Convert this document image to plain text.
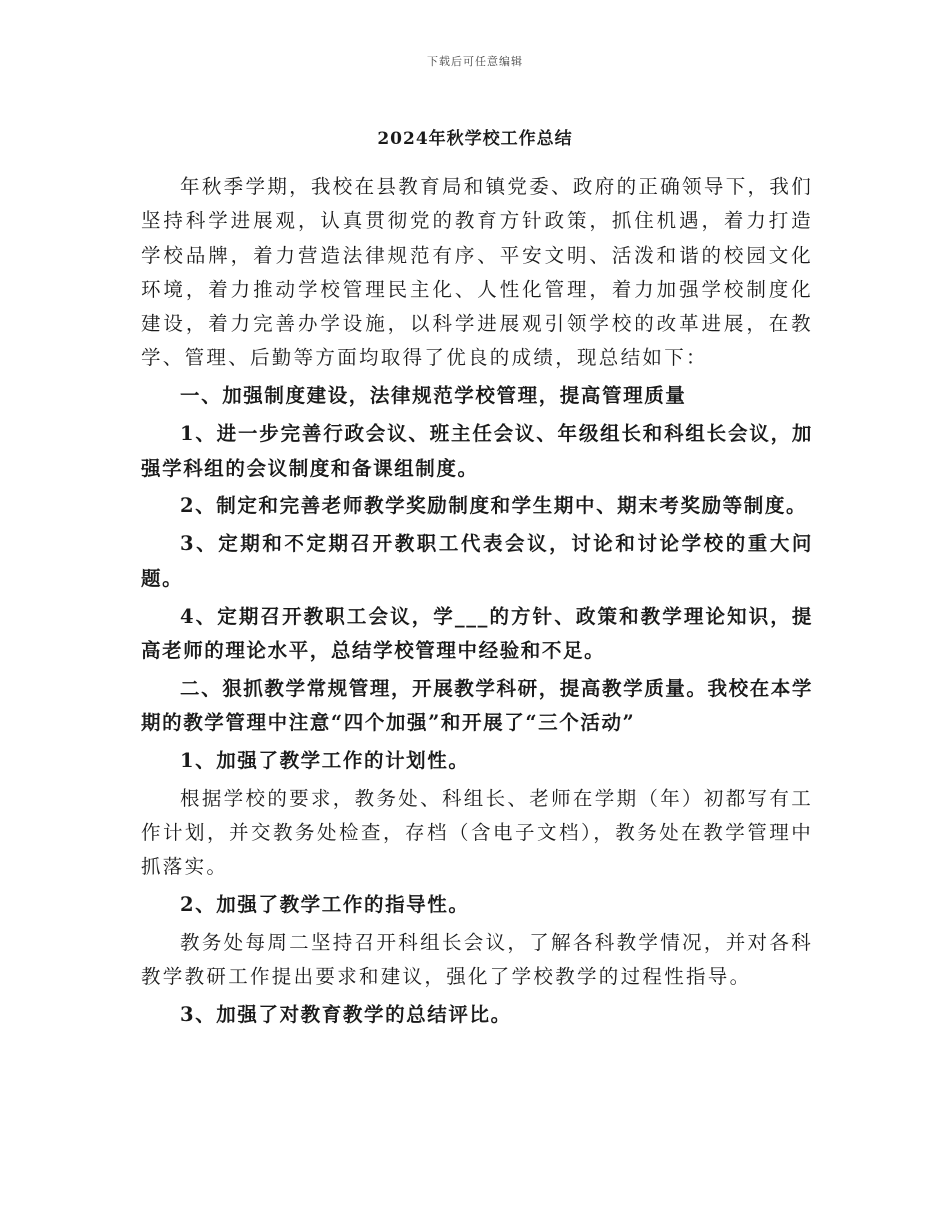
下载后可任意编辑
2024年秋学校工作总结

年秋季学期，我校在县教育局和镇党委、政府的正确领导下，我们坚持科学进展观，认真贯彻党的教育方针政策，抓住机遇，着力打造学校品牌，着力营造法律规范有序、平安文明、活泼和谐的校园文化环境，着力推动学校管理民主化、人性化管理，着力加强学校制度化建设，着力完善办学设施，以科学进展观引领学校的改革进展，在教学、管理、后勤等方面均取得了优良的成绩，现总结如下：

一、加强制度建设，法律规范学校管理，提高管理质量

1、进一步完善行政会议、班主任会议、年级组长和科组长会议，加强学科组的会议制度和备课组制度。

2、制定和完善老师教学奖励制度和学生期中、期末考奖励等制度。

3、定期和不定期召开教职工代表会议，讨论和讨论学校的重大问题。

4、定期召开教职工会议，学___的方针、政策和教学理论知识，提高老师的理论水平，总结学校管理中经验和不足。

二、狠抓教学常规管理，开展教学科研，提高教学质量。我校在本学期的教学管理中注意“四个加强”和开展了“三个活动”

1、加强了教学工作的计划性。

根据学校的要求，教务处、科组长、老师在学期（年）初都写有工作计划，并交教务处检查，存档（含电子文档），教务处在教学管理中抓落实。

2、加强了教学工作的指导性。

教务处每周二坚持召开科组长会议，了解各科教学情况，并对各科教学教研工作提出要求和建议，强化了学校教学的过程性指导。

3、加强了对教育教学的总结评比。
